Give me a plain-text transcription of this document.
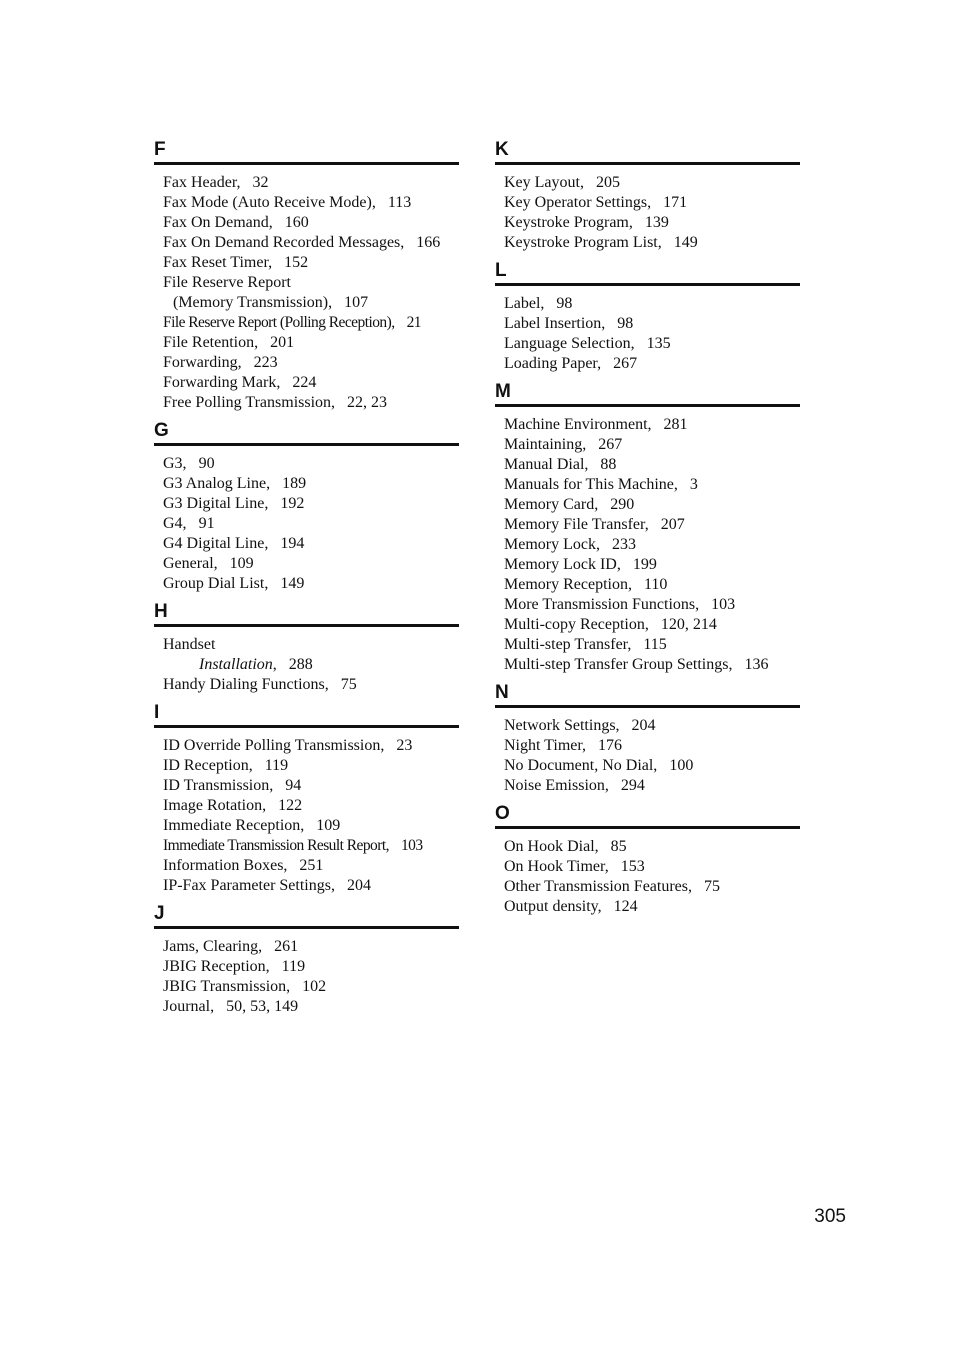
F
Fax Header, 32
Fax Mode (Auto Receive Mode), 113
Fax On Demand, 160
Fax On Demand Recorded Messages, 166
Fax Reset Timer, 152
File Reserve Report
(Memory Transmission), 107
File Reserve Report (Polling Reception), 21
File Retention, 201
Forwarding, 223
Forwarding Mark, 224
Free Polling Transmission, 22, 23
G
G3, 90
G3 Analog Line, 189
G3 Digital Line, 192
G4, 91
G4 Digital Line, 194
General, 109
Group Dial List, 149
H
Handset
Installation, 288
Handy Dialing Functions, 75
I
ID Override Polling Transmission, 23
ID Reception, 119
ID Transmission, 94
Image Rotation, 122
Immediate Reception, 109
Immediate Transmission Result Report, 103
Information Boxes, 251
IP-Fax Parameter Settings, 204
J
Jams, Clearing, 261
JBIG Reception, 119
JBIG Transmission, 102
Journal, 50, 53, 149
K
Key Layout, 205
Key Operator Settings, 171
Keystroke Program, 139
Keystroke Program List, 149
L
Label, 98
Label Insertion, 98
Language Selection, 135
Loading Paper, 267
M
Machine Environment, 281
Maintaining, 267
Manual Dial, 88
Manuals for This Machine, 3
Memory Card, 290
Memory File Transfer, 207
Memory Lock, 233
Memory Lock ID, 199
Memory Reception, 110
More Transmission Functions, 103
Multi-copy Reception, 120, 214
Multi-step Transfer, 115
Multi-step Transfer Group Settings, 136
N
Network Settings, 204
Night Timer, 176
No Document, No Dial, 100
Noise Emission, 294
O
On Hook Dial, 85
On Hook Timer, 153
Other Transmission Features, 75
Output density, 124
305
